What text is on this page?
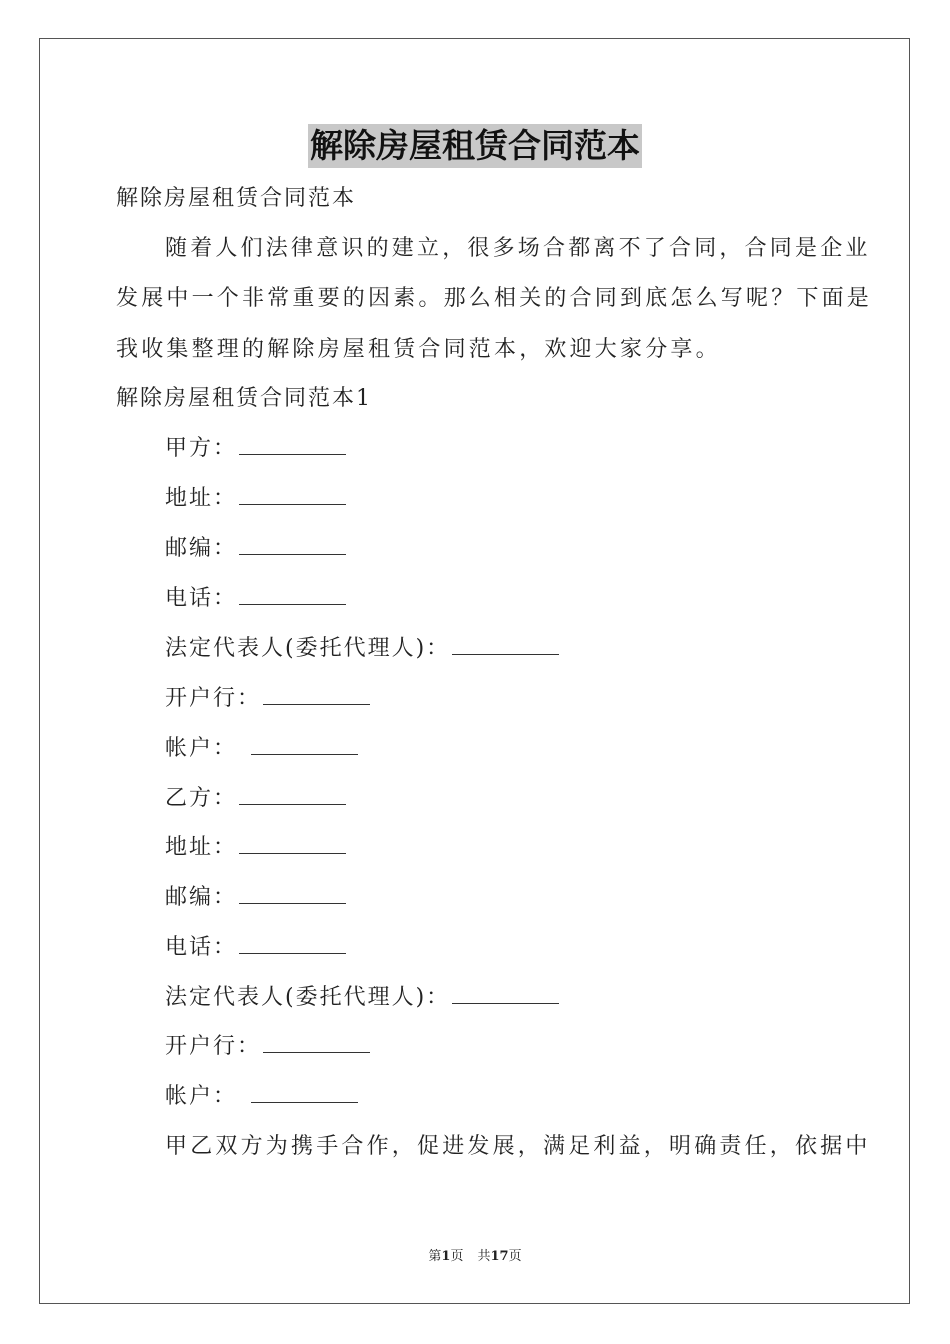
解除房屋租赁合同范本
解除房屋租赁合同范本
随着人们法律意识的建立，很多场合都离不了合同，合同是企业
发展中一个非常重要的因素。那么相关的合同到底怎么写呢？下面是
我收集整理的解除房屋租赁合同范本，欢迎大家分享。
解除房屋租赁合同范本1
甲方：
地址：
邮编：
电话：
法定代表人(委托代理人)：
开户行：
帐户：
乙方：
地址：
邮编：
电话：
法定代表人(委托代理人)：
开户行：
帐户：
甲乙双方为携手合作，促进发展，满足利益，明确责任，依据中
第1页 共17页
